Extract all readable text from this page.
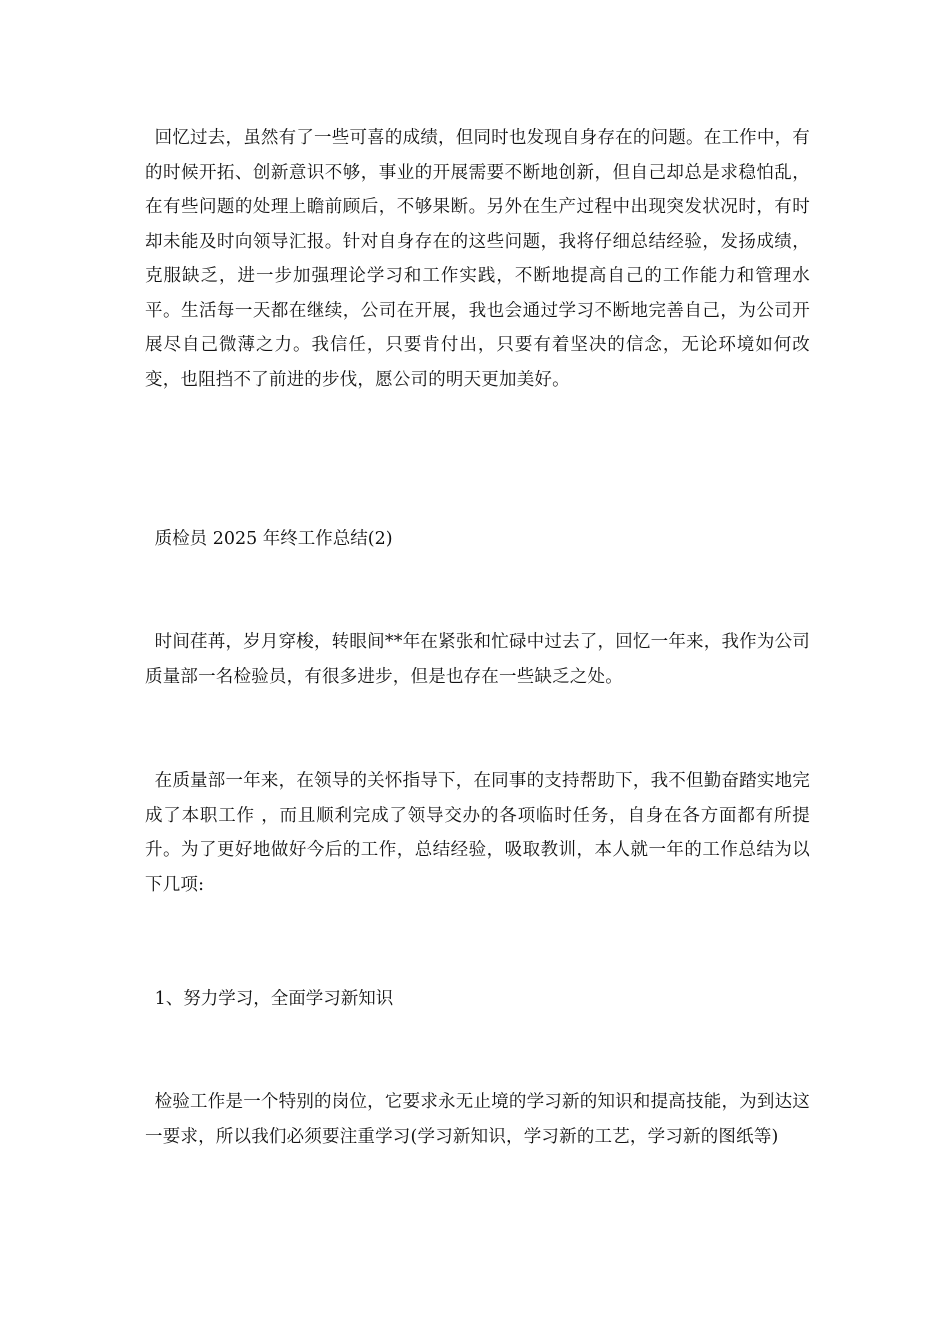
回忆过去，虽然有了一些可喜的成绩，但同时也发现自身存在的问题。在工作中，有的时候开拓、创新意识不够，事业的开展需要不断地创新，但自己却总是求稳怕乱，在有些问题的处理上瞻前顾后，不够果断。另外在生产过程中出现突发状况时，有时却未能及时向领导汇报。针对自身存在的这些问题，我将仔细总结经验，发扬成绩，克服缺乏，进一步加强理论学习和工作实践，不断地提高自己的工作能力和管理水平。生活每一天都在继续，公司在开展，我也会通过学习不断地完善自己，为公司开展尽自己微薄之力。我信任，只要肯付出，只要有着坚决的信念，无论环境如何改变，也阻挡不了前进的步伐，愿公司的明天更加美好。

质检员 2025 年终工作总结(2)

时间荏苒，岁月穿梭，转眼间**年在紧张和忙碌中过去了，回忆一年来，我作为公司质量部一名检验员，有很多进步，但是也存在一些缺乏之处。

在质量部一年来，在领导的关怀指导下，在同事的支持帮助下，我不但勤奋踏实地完成了本职工作 ，而且顺利完成了领导交办的各项临时任务，自身在各方面都有所提升。为了更好地做好今后的工作，总结经验，吸取教训，本人就一年的工作总结为以下几项:

1、努力学习，全面学习新知识

检验工作是一个特别的岗位，它要求永无止境的学习新的知识和提高技能，为到达这一要求，所以我们必须要注重学习(学习新知识，学习新的工艺，学习新的图纸等)
